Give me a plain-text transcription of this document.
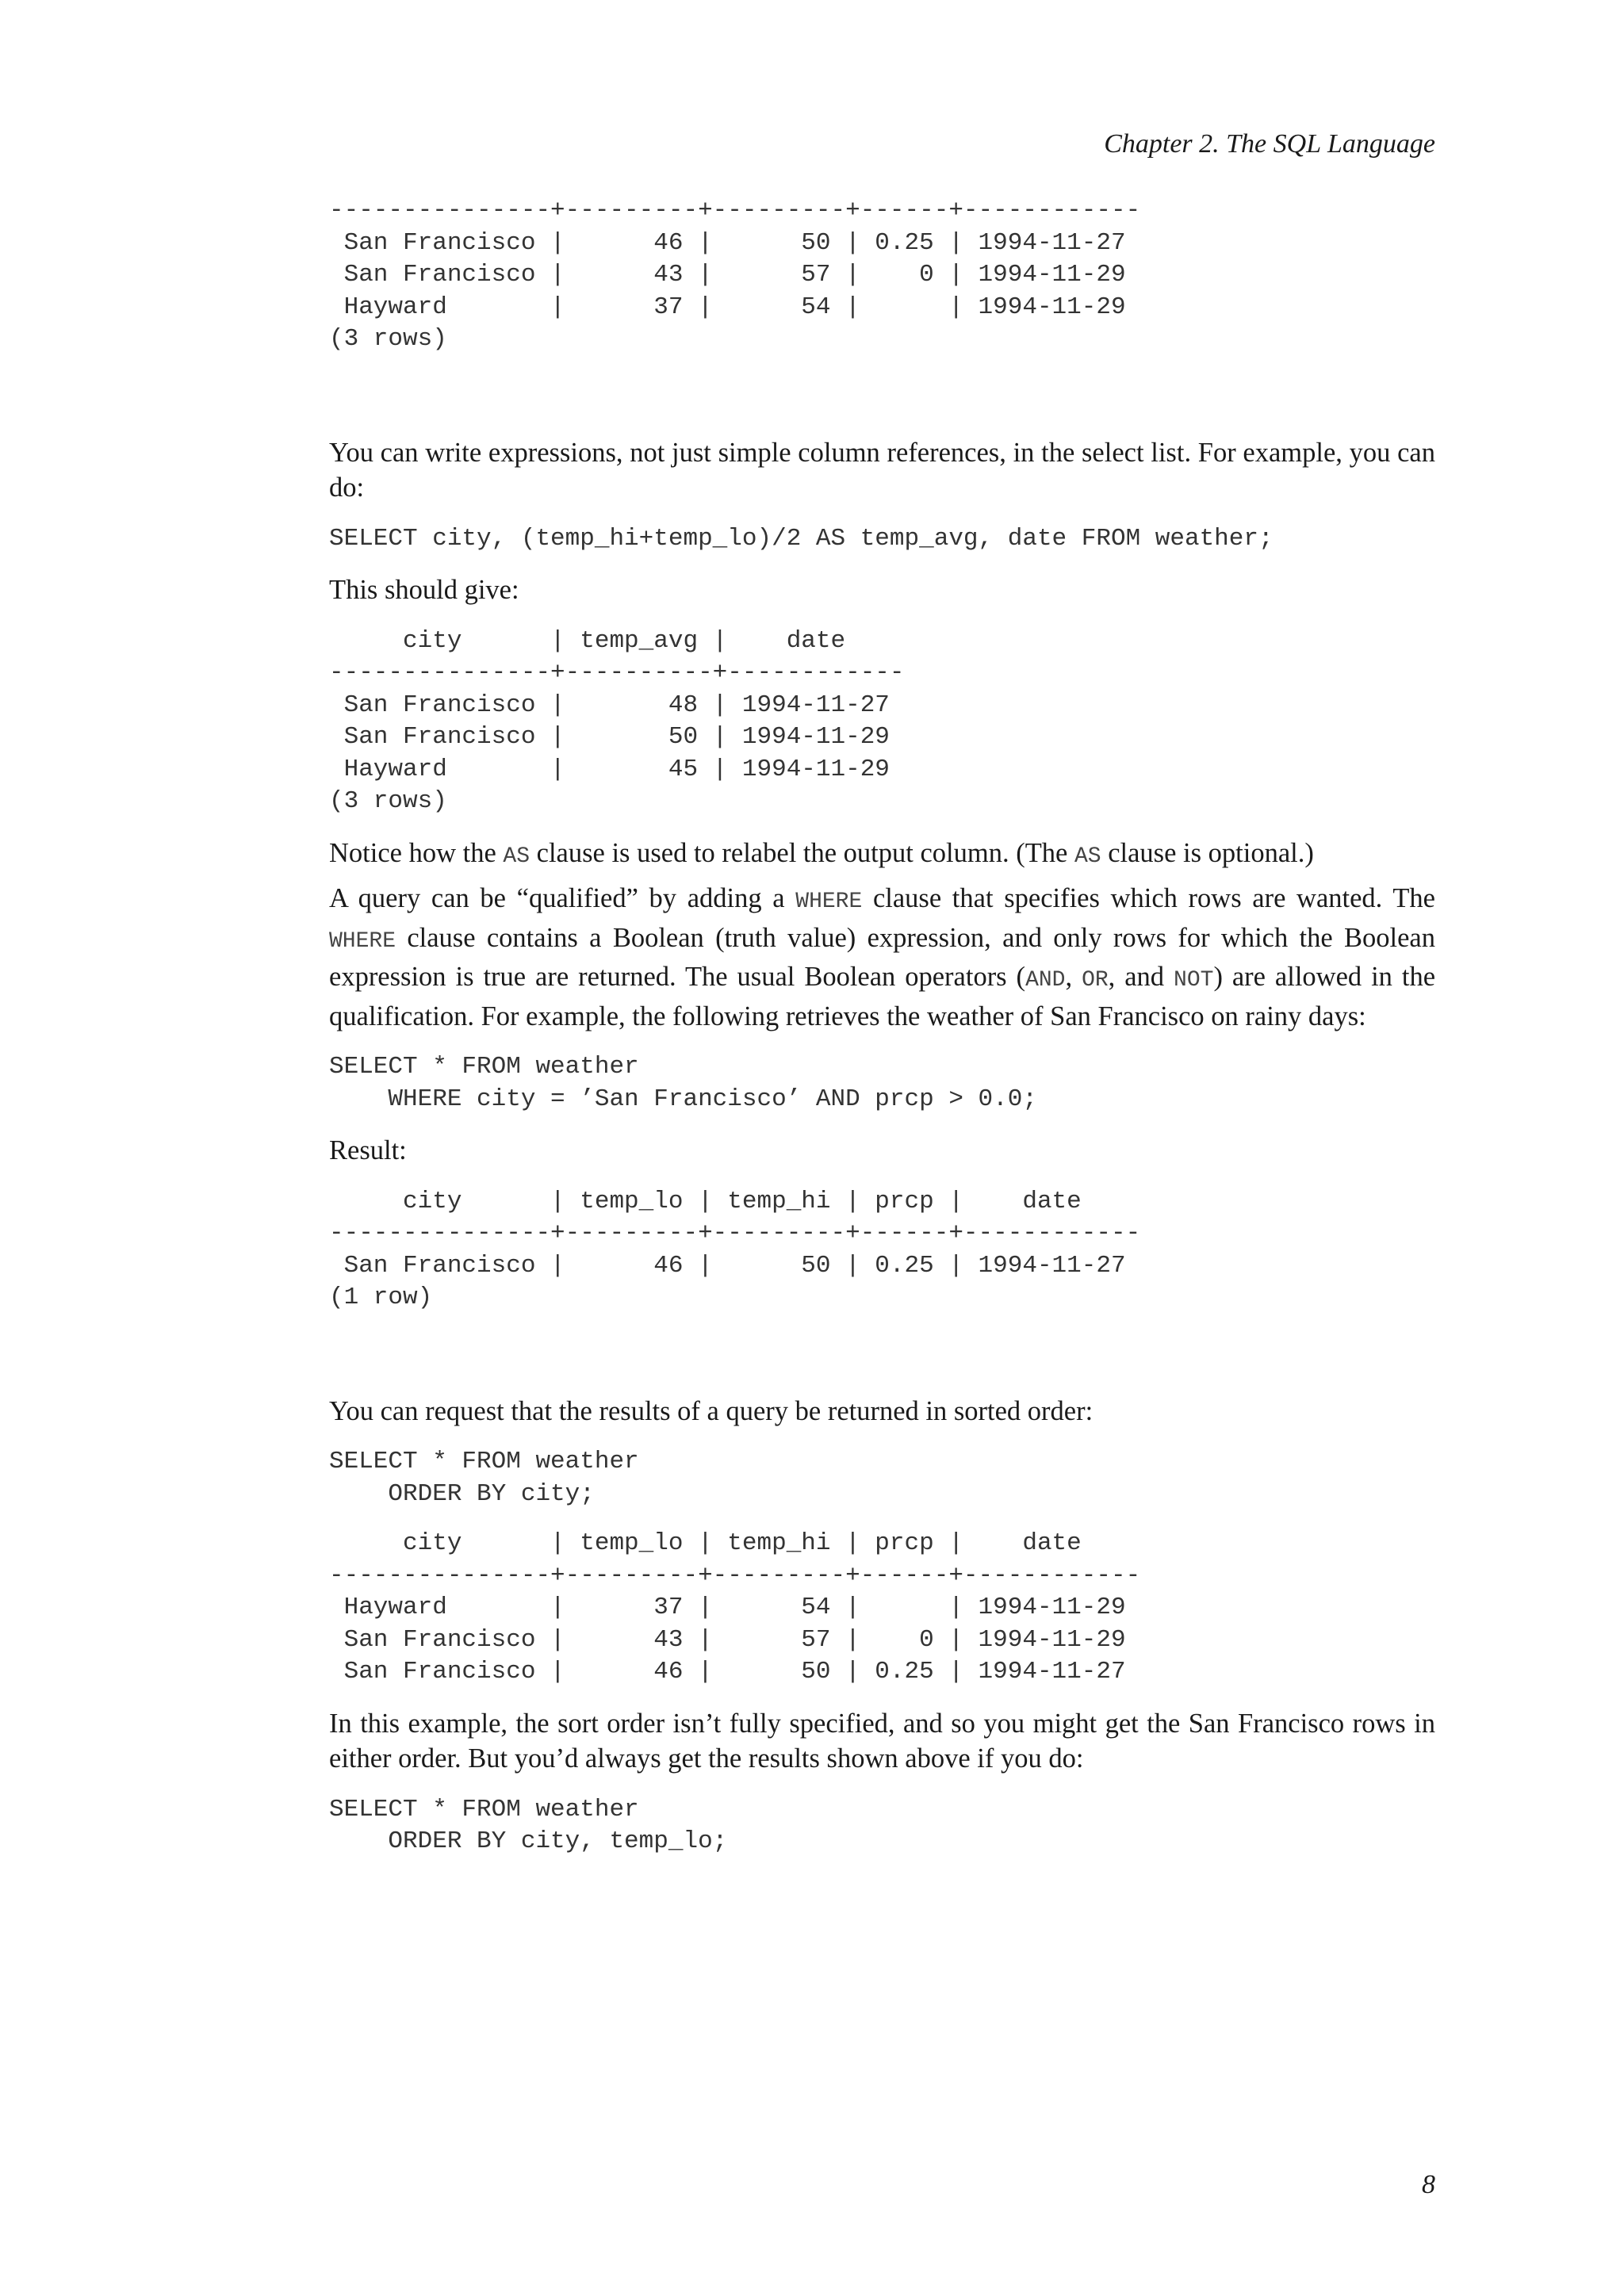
Chapter 2. The SQL Language
---------------+---------+---------+------+------------
San Francisco |      46 |      50 | 0.25 | 1994-11-27
San Francisco |      43 |      57 |    0 | 1994-11-29
Hayward       |      37 |      54 |      | 1994-11-29
(3 rows)

You can write expressions, not just simple column references, in the select list. For example, you can do:

SELECT city, (temp_hi+temp_lo)/2 AS temp_avg, date FROM weather;

This should give:

city      | temp_avg |    date
---------------+----------+------------
San Francisco |       48 | 1994-11-27
San Francisco |       50 | 1994-11-29
Hayward       |       45 | 1994-11-29
(3 rows)

Notice how the AS clause is used to relabel the output column. (The AS clause is optional.)

A query can be “qualified” by adding a WHERE clause that specifies which rows are wanted. The WHERE clause contains a Boolean (truth value) expression, and only rows for which the Boolean expression is true are returned. The usual Boolean operators (AND, OR, and NOT) are allowed in the qualification. For example, the following retrieves the weather of San Francisco on rainy days:

SELECT * FROM weather
WHERE city = ’San Francisco’ AND prcp > 0.0;

Result:

city      | temp_lo | temp_hi | prcp |    date
---------------+---------+---------+------+------------
San Francisco |      46 |      50 | 0.25 | 1994-11-27
(1 row)

You can request that the results of a query be returned in sorted order:

SELECT * FROM weather
ORDER BY city;
city      | temp_lo | temp_hi | prcp |    date
---------------+---------+---------+------+------------
Hayward       |      37 |      54 |      | 1994-11-29
San Francisco |      43 |      57 |    0 | 1994-11-29
San Francisco |      46 |      50 | 0.25 | 1994-11-27

In this example, the sort order isn’t fully specified, and so you might get the San Francisco rows in either order. But you’d always get the results shown above if you do:

SELECT * FROM weather
ORDER BY city, temp_lo;
8
